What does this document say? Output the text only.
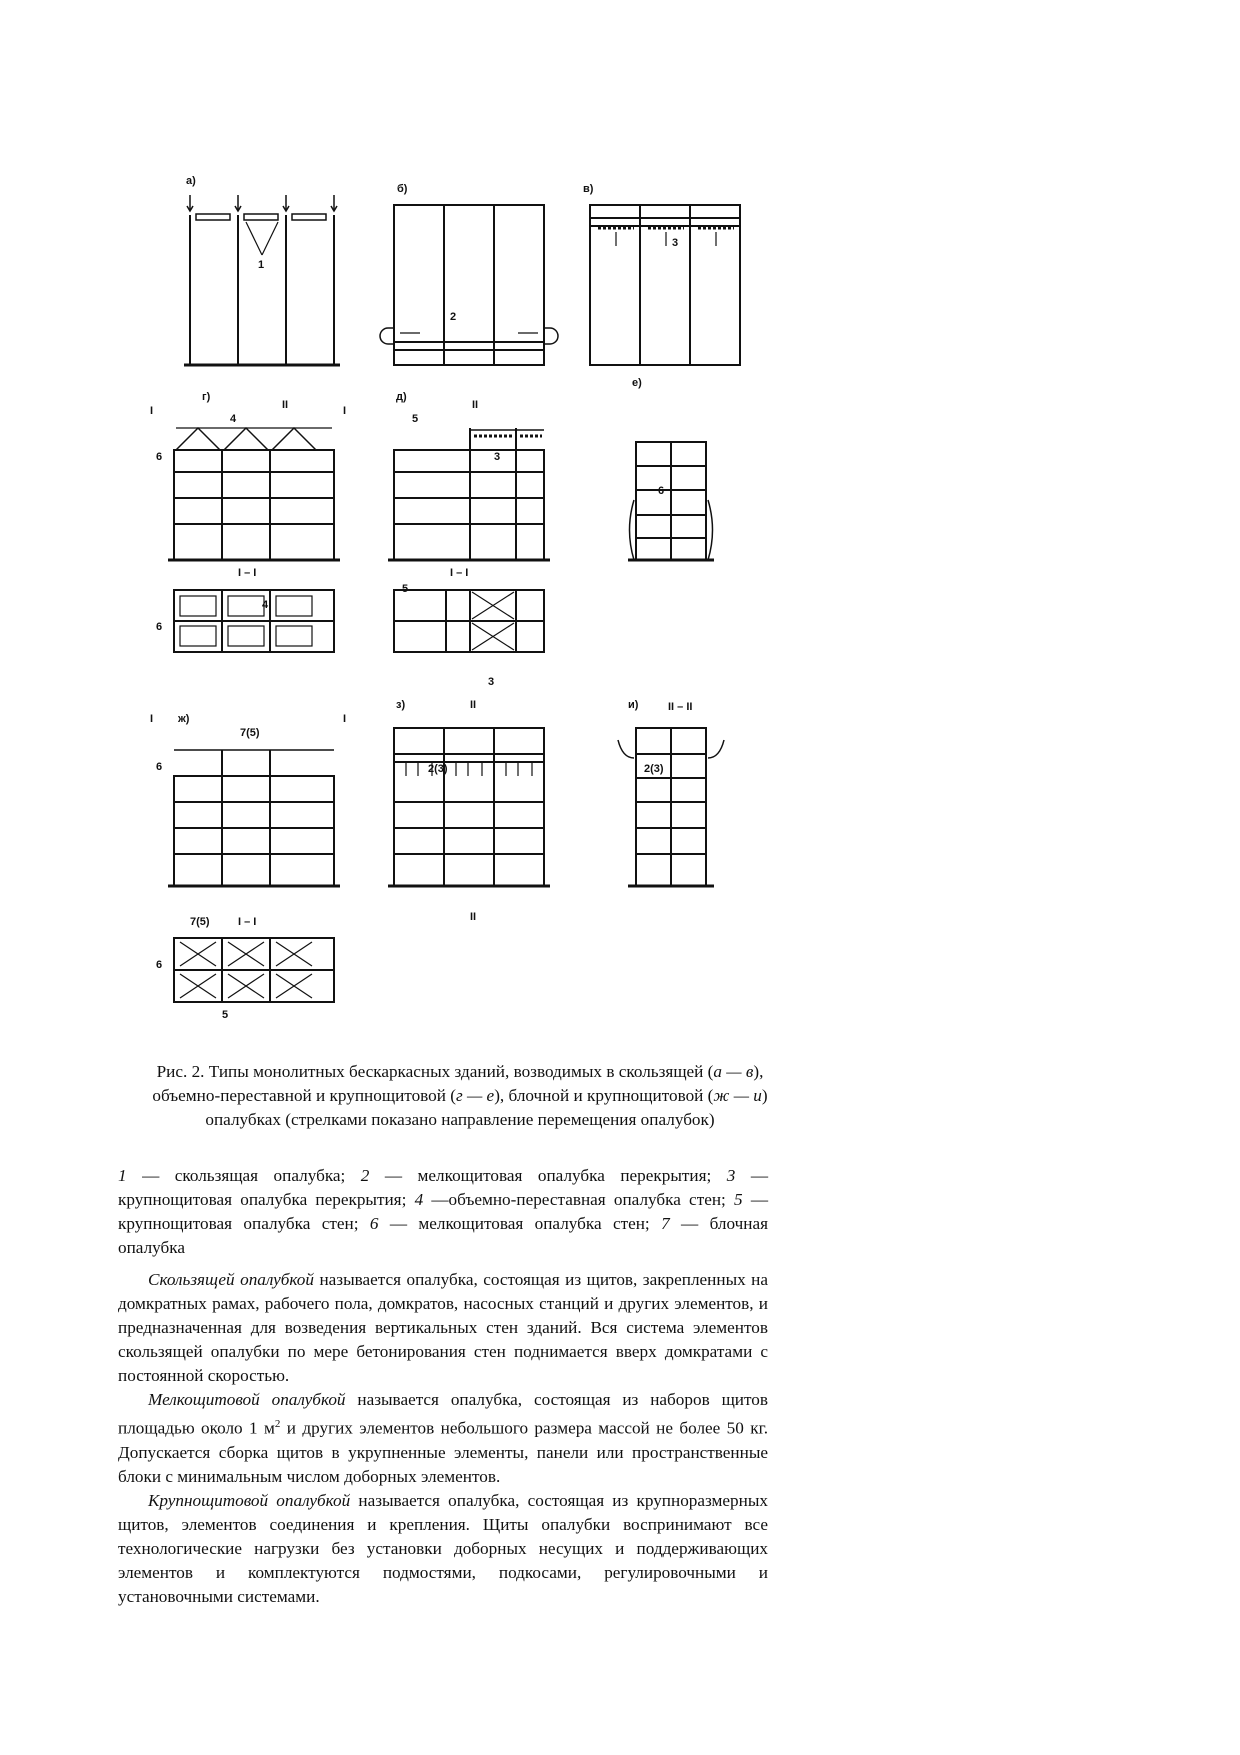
а)
1
б)
2
в)
3
г)
I	II	I
4
6
д)
5
II
3
е)
6
I – I
6
4
I – I
5
3
I ж)	I
7(5)
6
з)	II
2(3)
II
и)	II – II
2(3)
7(5)	I – I
6
5
Рис. 2. Типы монолитных бескаркасных зданий, возводимых в скользящей (а — в), объемно-переставной и крупнощитовой (г — е), блочной и крупнощитовой (ж — и) опалубках (стрелками показано направление перемещения опалубок)
1 — скользящая опалубка; 2 — мелкощитовая опалубка перекрытия; 3 — крупнощитовая опалубка перекрытия; 4 —объемно-переставная опалубка стен; 5 — крупнощитовая опалубка стен; 6 — мелкощитовая опалубка стен; 7 — блочная опалубка

Скользящей опалубкой называется опалубка, состоящая из щитов, закрепленных на домкратных рамах, рабочего пола, домкратов, насосных станций и других элементов, и предназначенная для возведения вертикальных стен зданий. Вся система элементов скользящей опалубки по мере бетонирования стен поднимается вверх домкратами с постоянной скоростью.

Мелкощитовой опалубкой называется опалубка, состоящая из наборов щитов площадью около 1 $м^2$ и других элементов небольшого размера массой не более 50 кг. Допускается сборка щитов в укрупненные элементы, панели или пространственные блоки с минимальным числом доборных элементов.

Крупнощитовой опалубкой называется опалубка, состоящая из крупноразмерных щитов, элементов соединения и крепления. Щиты опалубки воспринимают все технологические нагрузки без установки доборных несущих и поддерживающих элементов и комплектуются подмостями, подкосами, регулировочными и установочными системами.
